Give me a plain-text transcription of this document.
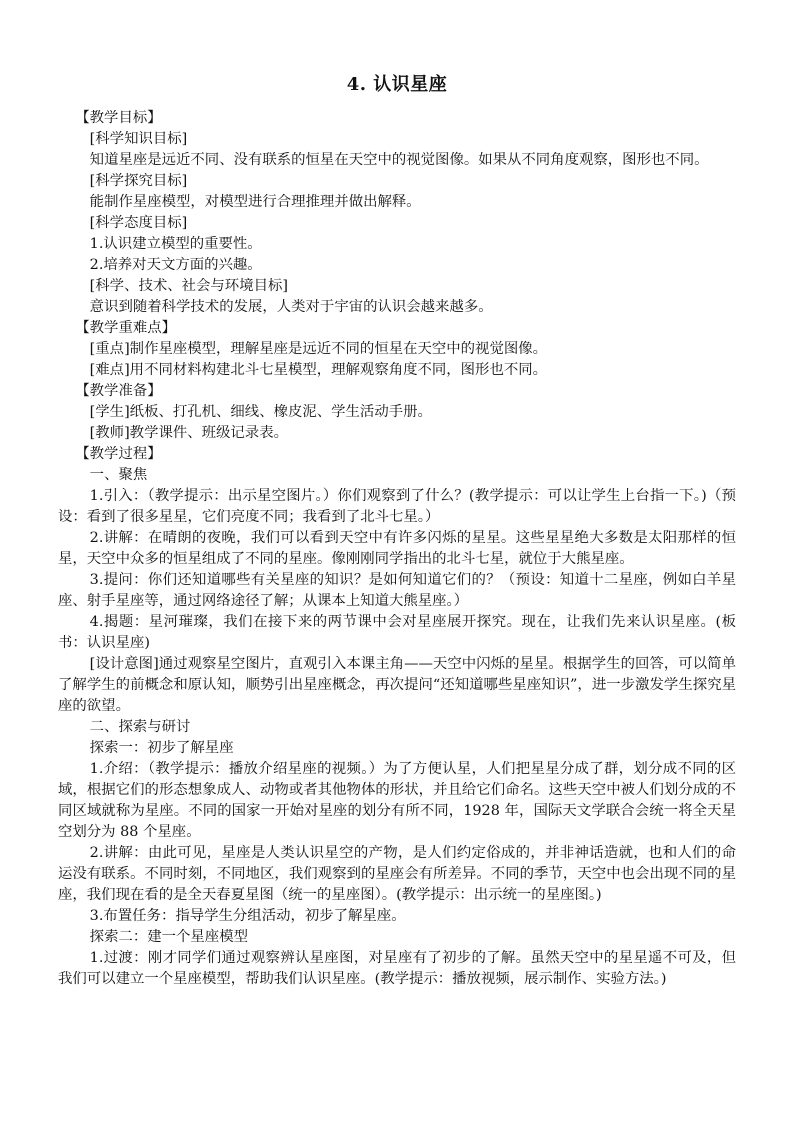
4. 认识星座

【教学目标】

[科学知识目标]

知道星座是远近不同、没有联系的恒星在天空中的视觉图像。如果从不同角度观察，图形也不同。

[科学探究目标]

能制作星座模型，对模型进行合理推理并做出解释。

[科学态度目标]

1.认识建立模型的重要性。

2.培养对天文方面的兴趣。

[科学、技术、社会与环境目标]

意识到随着科学技术的发展，人类对于宇宙的认识会越来越多。

【教学重难点】

[重点]制作星座模型，理解星座是远近不同的恒星在天空中的视觉图像。

[难点]用不同材料构建北斗七星模型，理解观察角度不同，图形也不同。

【教学准备】

[学生]纸板、打孔机、细线、橡皮泥、学生活动手册。

[教师]教学课件、班级记录表。

【教学过程】

一、聚焦

1.引入：（教学提示：出示星空图片。）你们观察到了什么？(教学提示：可以让学生上台指一下。)（预设：看到了很多星星，它们亮度不同；我看到了北斗七星。）

2.讲解：在晴朗的夜晚，我们可以看到天空中有许多闪烁的星星。这些星星绝大多数是太阳那样的恒星，天空中众多的恒星组成了不同的星座。像刚刚同学指出的北斗七星，就位于大熊星座。

3.提问：你们还知道哪些有关星座的知识？是如何知道它们的？（预设：知道十二星座，例如白羊星座、射手星座等，通过网络途径了解；从课本上知道大熊星座。）

4.揭题：星河璀璨，我们在接下来的两节课中会对星座展开探究。现在，让我们先来认识星座。(板书：认识星座)

[设计意图]通过观察星空图片，直观引入本课主角——天空中闪烁的星星。根据学生的回答，可以简单了解学生的前概念和原认知，顺势引出星座概念，再次提问“还知道哪些星座知识”，进一步激发学生探究星座的欲望。

二、探索与研讨

探索一：初步了解星座

1.介绍：（教学提示：播放介绍星座的视频。）为了方便认星，人们把星星分成了群，划分成不同的区域，根据它们的形态想象成人、动物或者其他物体的形状，并且给它们命名。这些天空中被人们划分成的不同区域就称为星座。不同的国家一开始对星座的划分有所不同，1928 年，国际天文学联合会统一将全天星空划分为 88 个星座。

2.讲解：由此可见，星座是人类认识星空的产物，是人们约定俗成的，并非神话造就，也和人们的命运没有联系。不同时刻，不同地区，我们观察到的星座会有所差异。不同的季节，天空中也会出现不同的星座，我们现在看的是全天春夏星图（统一的星座图）。(教学提示：出示统一的星座图。)

3.布置任务：指导学生分组活动，初步了解星座。

探索二：建一个星座模型

1.过渡：刚才同学们通过观察辨认星座图，对星座有了初步的了解。虽然天空中的星星遥不可及，但我们可以建立一个星座模型，帮助我们认识星座。(教学提示：播放视频，展示制作、实验方法。)
